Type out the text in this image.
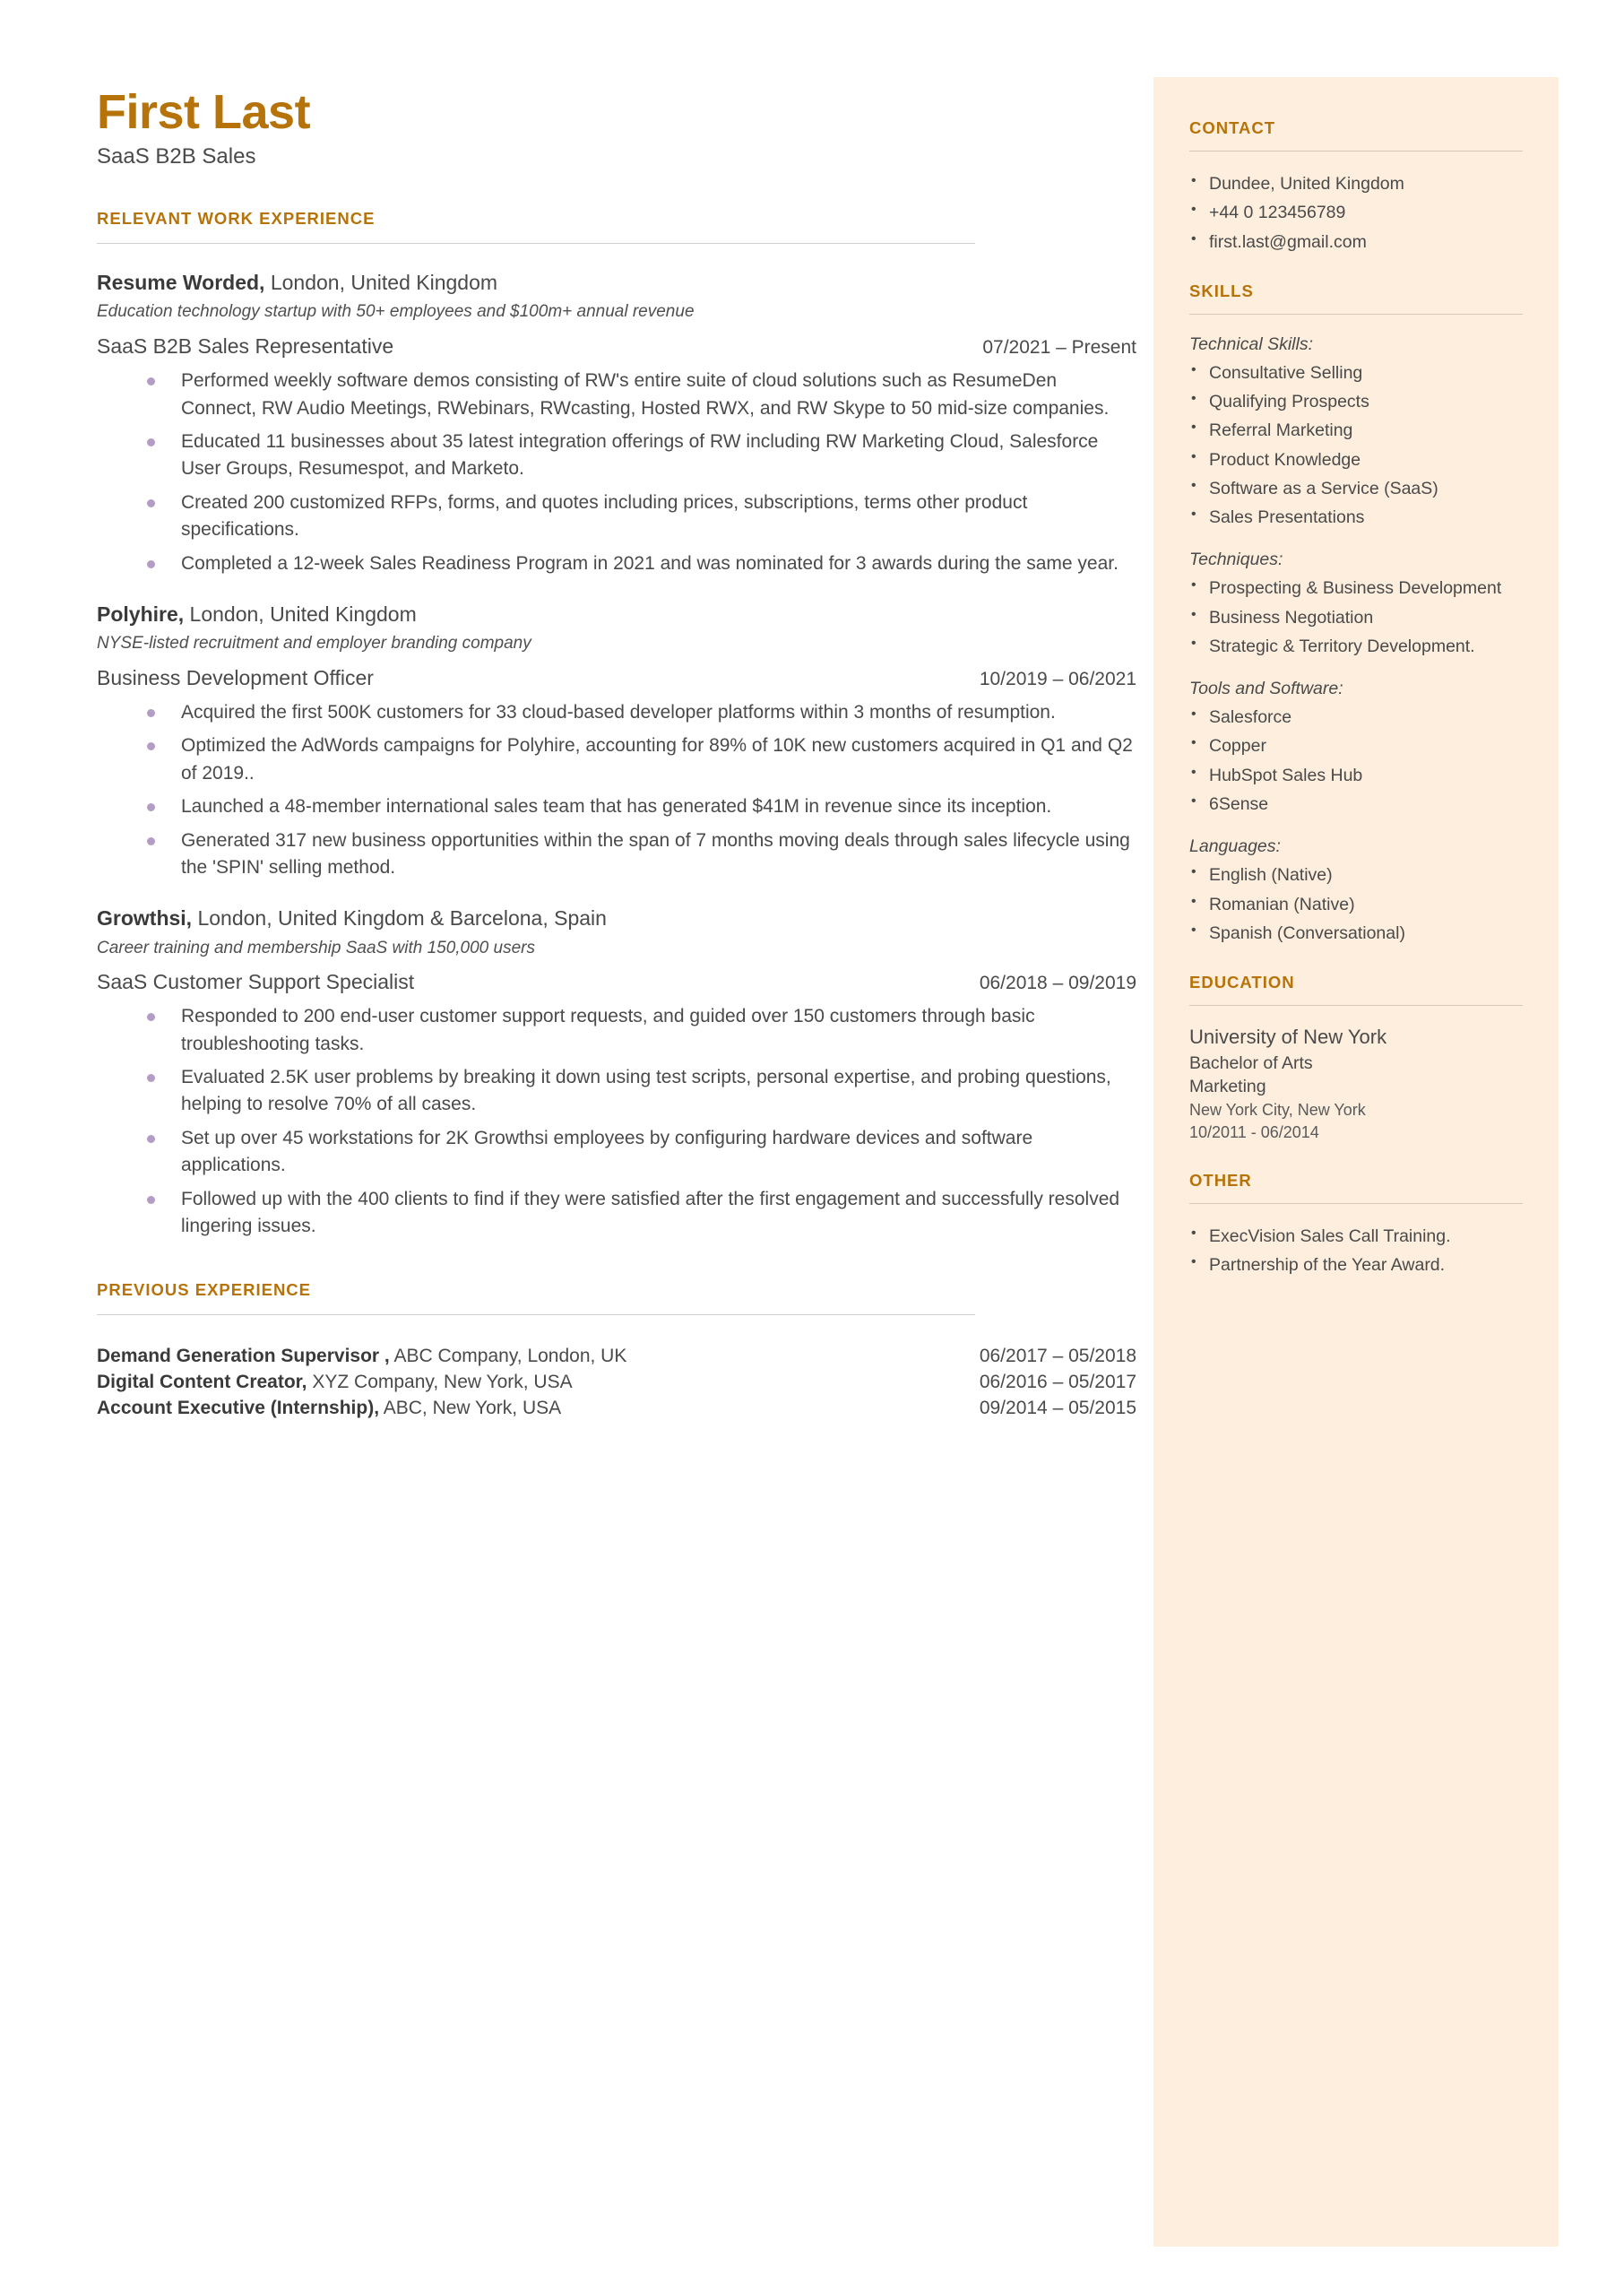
CONTACT
• Dundee, United Kingdom
• +44 0 123456789
• first.last@gmail.com
SKILLS
Technical Skills:
• Consultative Selling
• Qualifying Prospects
• Referral Marketing
• Product Knowledge
• Software as a Service (SaaS)
• Sales Presentations
Techniques:
• Prospecting & Business Development
• Business Negotiation
• Strategic & Territory Development.
Tools and Software:
• Salesforce
• Copper
• HubSpot Sales Hub
• 6Sense
Languages:
• English (Native)
• Romanian (Native)
• Spanish (Conversational)
EDUCATION
University of New York
Bachelor of Arts
Marketing
New York City, New York
10/2011 - 06/2014
OTHER
• ExecVision Sales Call Training.
• Partnership of the Year Award.
First Last
SaaS B2B Sales
RELEVANT WORK EXPERIENCE
Resume Worded, London, United Kingdom
Education technology startup with 50+ employees and $100m+ annual revenue
SaaS B2B Sales Representative	07/2021 – Present
Performed weekly software demos consisting of RW's entire suite of cloud solutions such as ResumeDen Connect, RW Audio Meetings, RWebinars, RWcasting, Hosted RWX, and RW Skype to 50 mid-size companies.
Educated 11 businesses about 35 latest integration offerings of RW including RW Marketing Cloud, Salesforce User Groups, Resumespot, and Marketo.
Created 200 customized RFPs, forms, and quotes including prices, subscriptions, terms other product specifications.
Completed a 12-week Sales Readiness Program in 2021 and was nominated for 3 awards during the same year.
Polyhire, London, United Kingdom
NYSE-listed recruitment and employer branding company
Business Development Officer	10/2019 – 06/2021
Acquired the first 500K customers for 33 cloud-based developer platforms within 3 months of resumption.
Optimized the AdWords campaigns for Polyhire, accounting for 89% of 10K new customers acquired in Q1 and Q2 of 2019..
Launched a 48-member international sales team that has generated $41M in revenue since its inception.
Generated 317 new business opportunities within the span of 7 months moving deals through sales lifecycle using the 'SPIN' selling method.
Growthsi, London, United Kingdom & Barcelona, Spain
Career training and membership SaaS with 150,000 users
SaaS Customer Support Specialist	06/2018 – 09/2019
Responded to 200 end-user customer support requests, and guided over 150 customers through basic troubleshooting tasks.
Evaluated 2.5K user problems by breaking it down using test scripts, personal expertise, and probing questions, helping to resolve 70% of all cases.
Set up over 45 workstations for 2K Growthsi employees by configuring hardware devices and software applications.
Followed up with the 400 clients to find if they were satisfied after the first engagement and successfully resolved lingering issues.
PREVIOUS EXPERIENCE
Demand Generation Supervisor , ABC Company, London, UK	06/2017 – 05/2018
Digital Content Creator, XYZ Company, New York, USA	06/2016 – 05/2017
Account Executive (Internship), ABC, New York, USA	09/2014 – 05/2015
